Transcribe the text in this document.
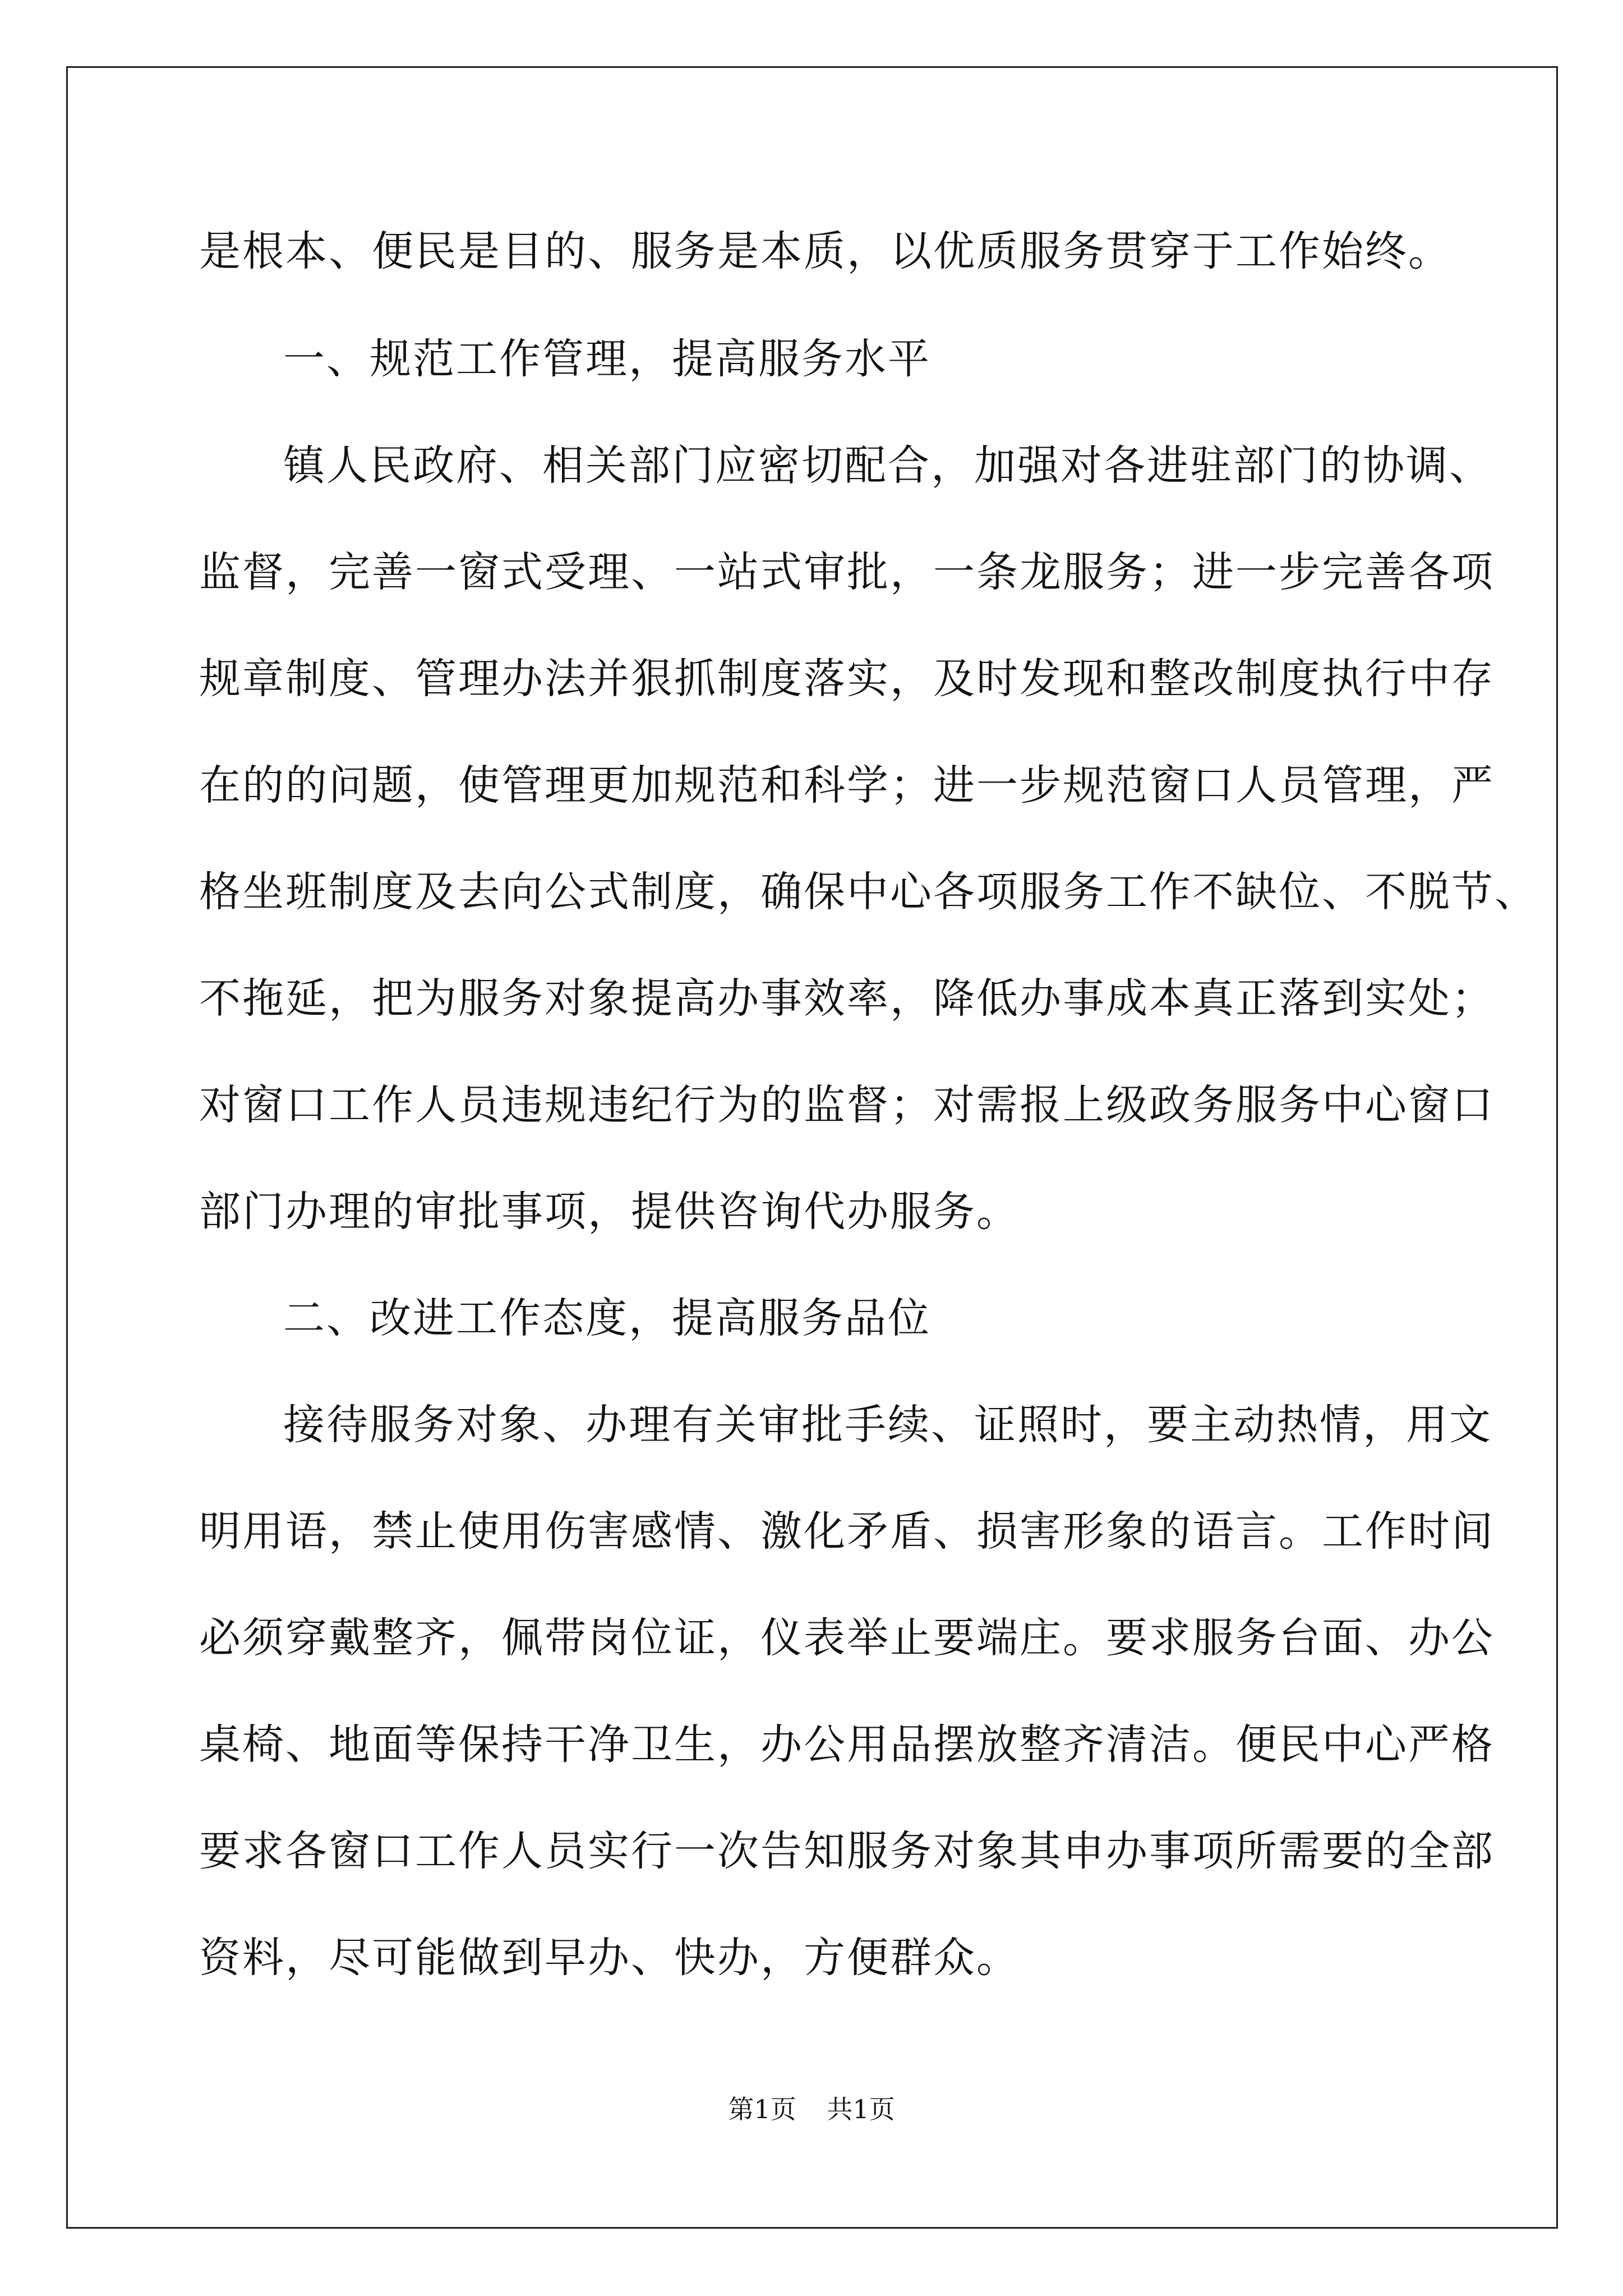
是根本、便民是目的、服务是本质，以优质服务贯穿于工作始终。
一、规范工作管理，提高服务水平
镇人民政府、相关部门应密切配合，加强对各进驻部门的协调、
监督，完善一窗式受理、一站式审批，一条龙服务；进一步完善各项
规章制度、管理办法并狠抓制度落实，及时发现和整改制度执行中存
在的的问题，使管理更加规范和科学；进一步规范窗口人员管理，严
格坐班制度及去向公式制度，确保中心各项服务工作不缺位、不脱节、
不拖延，把为服务对象提高办事效率，降低办事成本真正落到实处；
对窗口工作人员违规违纪行为的监督；对需报上级政务服务中心窗口
部门办理的审批事项，提供咨询代办服务。
二、改进工作态度，提高服务品位
接待服务对象、办理有关审批手续、证照时，要主动热情，用文
明用语，禁止使用伤害感情、激化矛盾、损害形象的语言。工作时间
必须穿戴整齐，佩带岗位证，仪表举止要端庄。要求服务台面、办公
桌椅、地面等保持干净卫生，办公用品摆放整齐清洁。便民中心严格
要求各窗口工作人员实行一次告知服务对象其申办事项所需要的全部
资料，尽可能做到早办、快办，方便群众。
第1页 共1页
